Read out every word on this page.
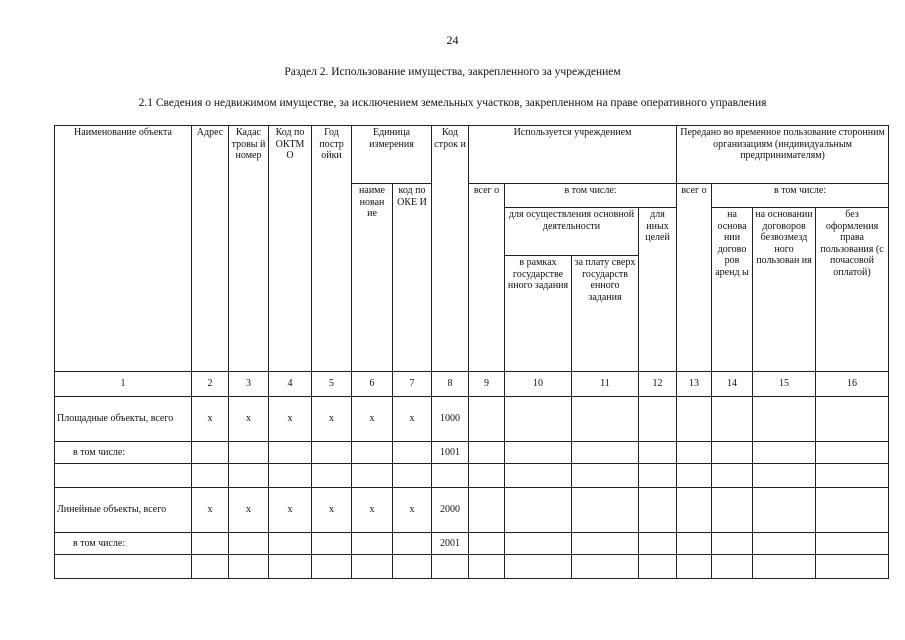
24
Раздел 2. Использование имущества, закрепленного за учреждением
2.1 Сведения о недвижимом имуществе, за исключением земельных участков, закрепленном на праве оперативного управления
Наименование объекта	Адрес	Кадас тровы й номер	Код по ОКТМ О	Год постр ойки	Единица измерения		Код строк и	Используется учреждением				Передано во временное пользование сторонним организациям (индивидуальным предпринимателям)			
					наиме нован ие	код по ОКЕ И		всег о	в том числе:			всег о	в том числе:		
									для осуществления основной деятельности		для иных целей		на основа нии догово ров аренд ы	на основании договоров безвозмезд ного пользован ия	без оформления права пользования (с почасовой оплатой)
									в рамках государстве нного задания	за плату сверх государств енного задания					
1	2	3	4	5	6	7	8	9	10	11	12	13	14	15	16
Площадные объекты, всего	x	x	x	x	x	x	1000								
в том числе:							1001								

Линейные объекты, всего	x	x	x	x	x	x	2000								
в том числе:							2001								
